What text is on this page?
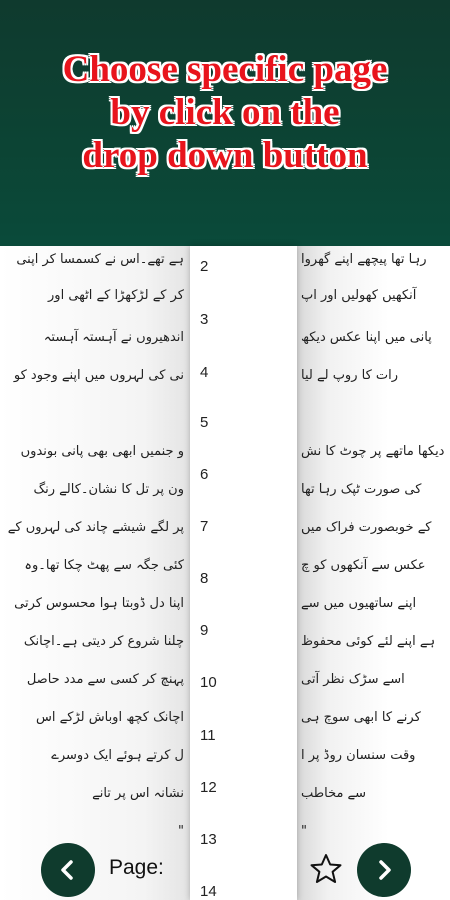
Choose specific page
by click on the
drop down button
ہے تھے۔اس نے کسمسا کر اپنی
کر کے لڑکھڑا کے اٹھی اور
اندھیروں نے آہستہ آہستہ
نی کی لہروں میں اپنے وجود کو
و جنمیں ابھی بھی پانی بوندوں
ون پر تل کا نشان۔کالے رنگ
پر لگے شیشے چاند کی لہروں کے
کئی جگہ سے پھٹ چکا تھا۔وہ
اپنا دل ڈوبتا ہوا محسوس کرتی
چلنا شروع کر دیتی ہے۔اچانک
پہنچ کر کسی سے مدد حاصل
اچانک کچھ اوباش لڑکے اس
ل کرتے ہوئے ایک دوسرے
نشانہ اس پر تانے
"
رہا تھا پیچھے اپنے گھروا
آنکھیں کھولیں اور اپ
پانی میں اپنا عکس دیکھ
رات کا روپ لے لیا
دیکھا ماتھے پر چوٹ کا نش
کی صورت ٹپک رہا تھا
کے خوبصورت فراک میں
عکس سے آنکھوں کو چ
اپنے ساتھیوں میں سے
ہے اپنے لئے کوئی محفوظ
اسے سڑک نظر آتی
کرنے کا ابھی سوچ ہی
وقت سنسان روڈ پر ا
سے مخاطب
"
2
3
4
5
6
7
8
9
10
11
12
13
14
Page:
